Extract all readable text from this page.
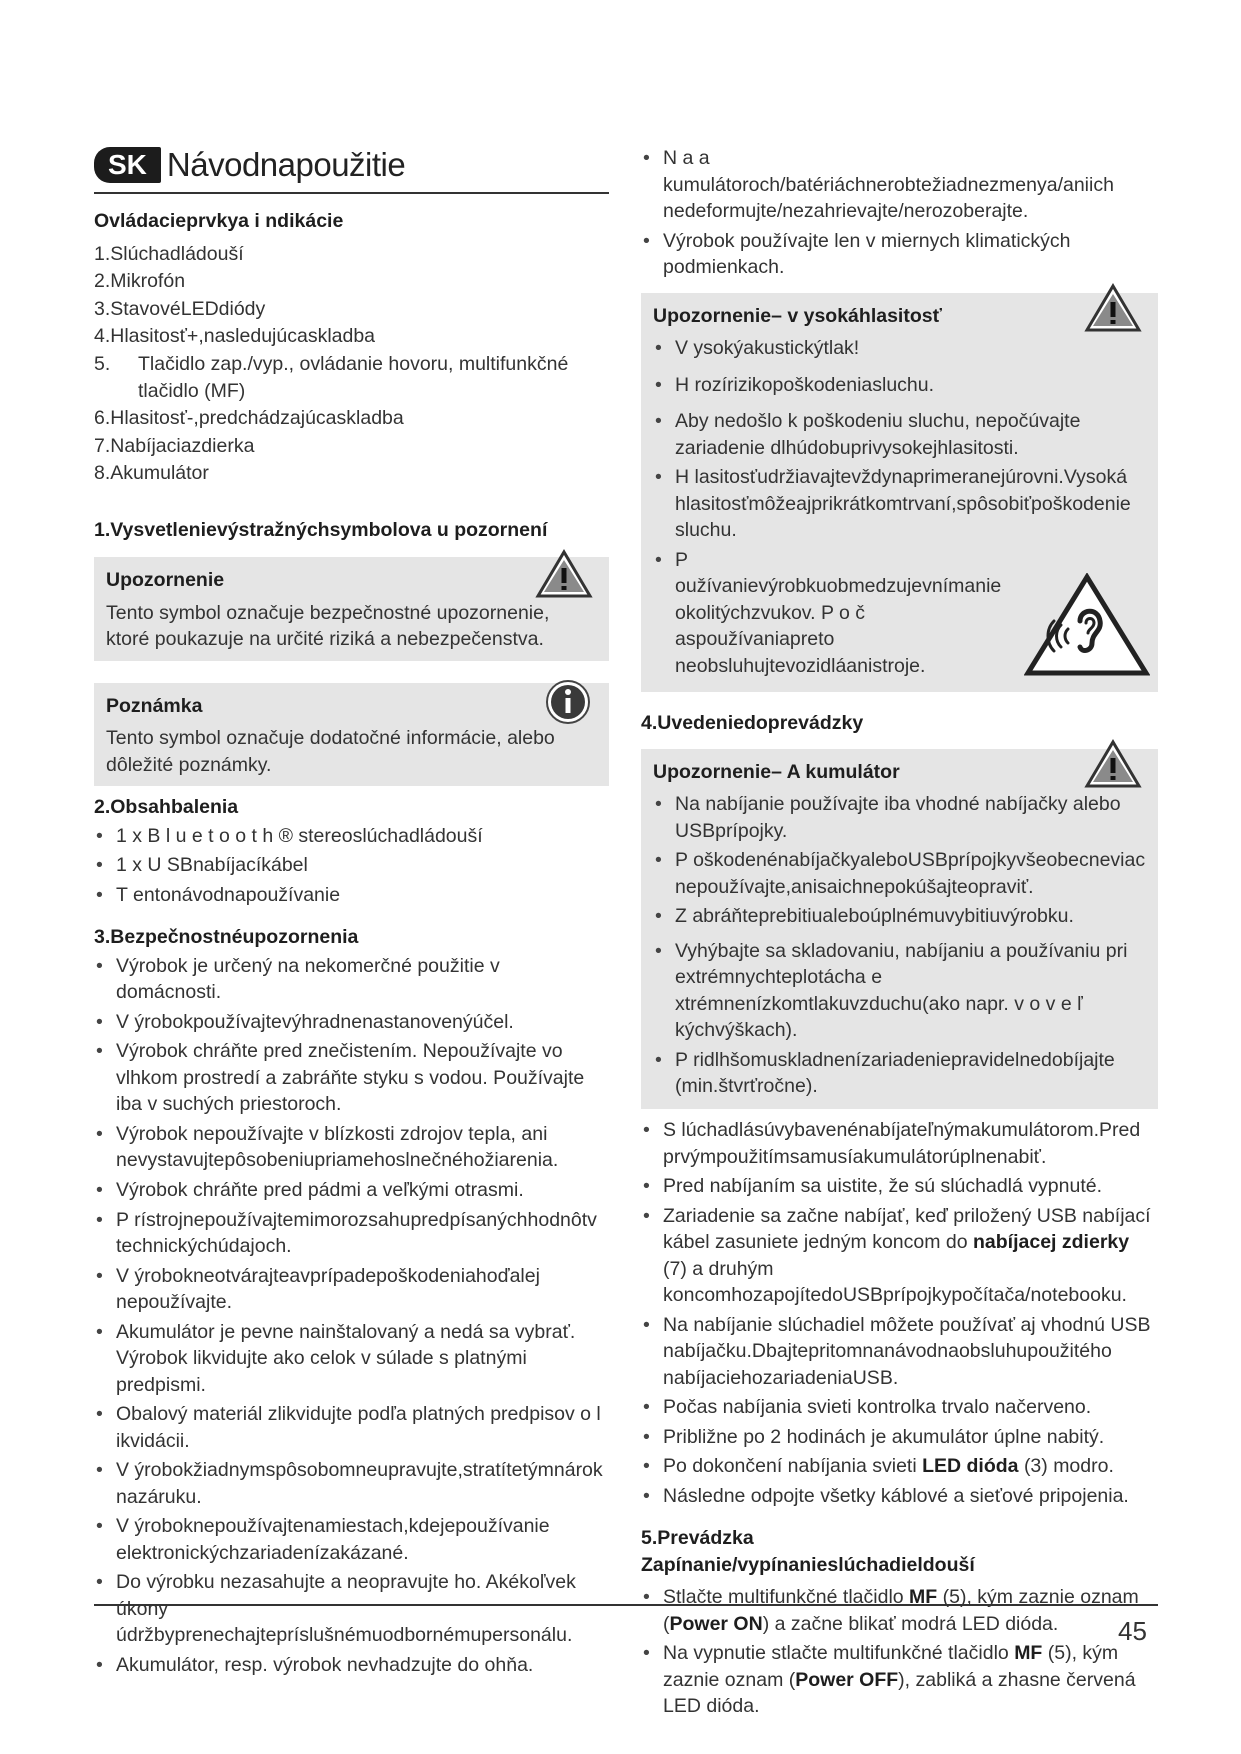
SK Návodnapoužitie
Ovládacieprvkya i ndikácie
1.Slúchadládouší
2.Mikrofón
3.StavovéLEDdiódy
4.Hlasitosť+,nasledujúcaskladba
5.	Tlačidlo zap./vyp., ovládanie hovoru, multifunkčné tlačidlo (MF)
6.Hlasitosť-,predchádzajúcaskladba
7.Nabíjaciazdierka
8.Akumulátor
1.Vysvetlenievýstražnýchsymbolova u pozornení
Upozornenie
Tento symbol označuje bezpečnostné upozornenie, ktoré poukazuje na určité riziká a nebezpečenstva.
Poznámka
Tento symbol označuje dodatočné informácie, alebo dôležité poznámky.
2.Obsahbalenia
• 1 x B l u e t o o t h ® stereoslúchadládouší
• 1 x U SBnabíjacíkábel
• T entonávodnapoužívanie
3.Bezpečnostnéupozornenia
• Výrobok je určený na nekomerčné použitie v domácnosti.
• V ýrobokpoužívajtevýhradnenastanovenýúčel.
• Výrobok chráňte pred znečistením. Nepoužívajte vo vlhkom prostredí a zabráňte styku s vodou. Používajte iba v suchých priestoroch.
• Výrobok nepoužívajte v blízkosti zdrojov tepla, ani nevystavujtepôsobeniupriamehoslnečnéhožiarenia.
• Výrobok chráňte pred pádmi a veľkými otrasmi.
• P rístrojnepoužívajtemimorozsahupredpísanýchhodnôtv technickýchúdajoch.
• V ýrobokneotvárajteavprípadepoškodeniahoďalej nepoužívajte.
• Akumulátor je pevne nainštalovaný a nedá sa vybrať. Výrobok likvidujte ako celok v súlade s platnými predpismi.
• Obalový materiál zlikvidujte podľa platných predpisov o l ikvidácii.
• V ýrobokžiadnymspôsobomneupravujte,stratítetýmnárok nazáruku.
• V ýroboknepoužívajtenamiestach,kdejepoužívanie elektronickýchzariadenízakázané.
• Do výrobku nezasahujte a neopravujte ho. Akékoľvek úkony údržbyprenechajtepríslušnémuodbornémupersonálu.
• Akumulátor, resp. výrobok nevhadzujte do ohňa.
• N a a kumulátoroch/batériáchnerobtežiadnezmenya/aniich nedeformujte/nezahrievajte/nerozoberajte.
• Výrobok používajte len v miernych klimatických podmienkach.
Upozornenie– v ysokáhlasitosť
• V ysokýakustickýtlak!
• H rozírizikopoškodeniasluchu.
• Aby nedošlo k poškodeniu sluchu, nepočúvajte zariadenie dlhúdobuprivysokejhlasitosti.
• H lasitosťudržiavajtevždynaprimeranejúrovni.Vysoká hlasitosťmôžeajprikrátkomtrvaní,spôsobiťpoškodenie sluchu.
• P oužívanievýrobkuobmedzujevnímanie okolitýchzvukov. P o č aspoužívaniapreto neobsluhujtevozidláanistroje.
4.Uvedeniedoprevádzky
Upozornenie– A kumulátor
• Na nabíjanie používajte iba vhodné nabíjačky alebo USBprípojky.
• P oškodenénabíjačkyaleboUSBprípojkyvšeobecneviac nepoužívajte,anisaichnepokúšajteopraviť.
• Z abráňteprebitiualeboúplnémuvybitiuvýrobku.
• Vyhýbajte sa skladovaniu, nabíjaniu a používaniu pri extrémnychteplotácha e xtrémnenízkomtlakuvzduchu(ako napr. v o v e ľ kýchvýškach).
• P ridlhšomuskladnenízariadeniepravidelnedobíjajte (min.štvrťročne).
• S lúchadlásúvybavenénabíjateľnýmakumulátorom.Pred prvýmpoužitímsamusíakumulátorúplnenabiť.
• Pred nabíjaním sa uistite, že sú slúchadlá vypnuté.
• Zariadenie sa začne nabíjať, keď priložený USB nabíjací kábel zasuniete jedným koncom do nabíjacej zdierky (7) a druhým koncomhozapojítedoUSBprípojkypočítača/notebooku.
• Na nabíjanie slúchadiel môžete používať aj vhodnú USB nabíjačku.Dbajtepritomnanávodnaobsluhupoužitého nabíjaciehozariadeniaUSB.
• Počas nabíjania svieti kontrolka trvalo načerveno.
• Približne po 2 hodinách je akumulátor úplne nabitý.
• Po dokončení nabíjania svieti LED dióda (3) modro.
• Následne odpojte všetky káblové a sieťové pripojenia.
5.Prevádzka
Zapínanie/vypínanieslúchadieldouší
• Stlačte multifunkčné tlačidlo MF (5), kým zaznie oznam (Power ON) a začne blikať modrá LED dióda.
• Na vypnutie stlačte multifunkčné tlačidlo MF (5), kým zaznie oznam (Power OFF), zabliká a zhasne červená LED dióda.
45
